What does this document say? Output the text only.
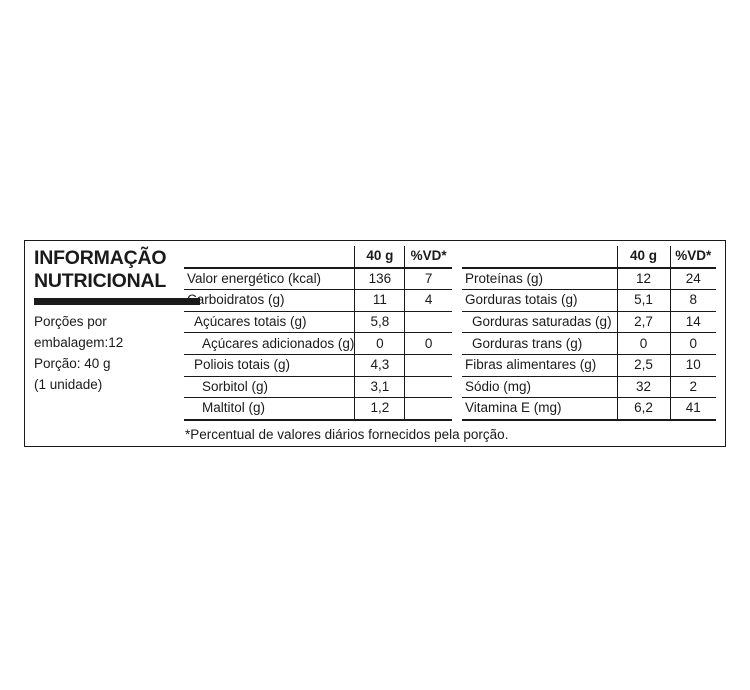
INFORMAÇÃO
NUTRICIONAL
Porções por
embalagem:12
Porção: 40 g
(1 unidade)
	40 g	%VD*
Valor energético (kcal)	136	7
Carboidratos (g)	11	4
Açúcares totais (g)	5,8	
Açúcares adicionados (g)	0	0
Poliois totais (g)	4,3	
Sorbitol (g)	3,1	
Maltitol (g)	1,2	
	40 g	%VD*
Proteínas (g)	12	24
Gorduras totais (g)	5,1	8
Gorduras saturadas (g)	2,7	14
Gorduras trans (g)	0	0
Fibras alimentares (g)	2,5	10
Sódio (mg)	32	2
Vitamina E (mg)	6,2	41
*Percentual de valores diários fornecidos pela porção.
